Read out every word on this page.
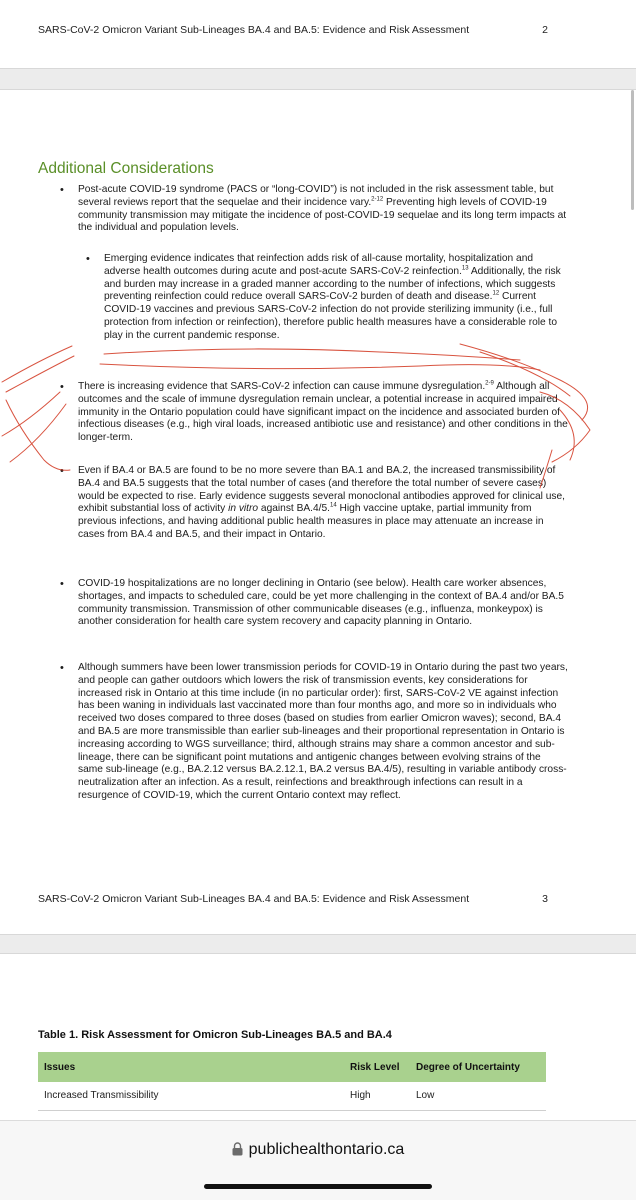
SARS-CoV-2 Omicron Variant Sub-Lineages BA.4 and BA.5: Evidence and Risk Assessment	2
Additional Considerations
• Post-acute COVID-19 syndrome (PACS or “long-COVID”) is not included in the risk assessment table, but several reviews report that the sequelae and their incidence vary.$^{2-12}$ Preventing high levels of COVID-19 community transmission may mitigate the incidence of post-COVID-19 sequelae and its long term impacts at the individual and population levels.
• Emerging evidence indicates that reinfection adds risk of all-cause mortality, hospitalization and adverse health outcomes during acute and post-acute SARS-CoV-2 reinfection.$^{13}$ Additionally, the risk and burden may increase in a graded manner according to the number of infections, which suggests preventing reinfection could reduce overall SARS-CoV-2 burden of death and disease.$^{12}$ Current COVID-19 vaccines and previous SARS-CoV-2 infection do not provide sterilizing immunity (i.e., full protection from infection or reinfection), therefore public health measures have a considerable role to play in the current pandemic response.
• There is increasing evidence that SARS-CoV-2 infection can cause immune dysregulation.$^{2-9}$ Although all outcomes and the scale of immune dysregulation remain unclear, a potential increase in acquired impaired immunity in the Ontario population could have significant impact on the incidence and associated burden of infectious diseases (e.g., high viral loads, increased antibiotic use and resistance) and other conditions in the longer-term.
• Even if BA.4 or BA.5 are found to be no more severe than BA.1 and BA.2, the increased transmissibility of BA.4 and BA.5 suggests that the total number of cases (and therefore the total number of severe cases) would be expected to rise. Early evidence suggests several monoclonal antibodies approved for clinical use, exhibit substantial loss of activity in vitro against BA.4/5.14 High vaccine uptake, partial immunity from previous infections, and having additional public health measures in place may attenuate an increase in cases from BA.4 and BA.5, and their impact in Ontario.
• COVID-19 hospitalizations are no longer declining in Ontario (see below). Health care worker absences, shortages, and impacts to scheduled care, could be yet more challenging in the context of BA.4 and/or BA.5 community transmission. Transmission of other communicable diseases (e.g., influenza, monkeypox) is another consideration for health care system recovery and capacity planning in Ontario.
• Although summers have been lower transmission periods for COVID-19 in Ontario during the past two years, and people can gather outdoors which lowers the risk of transmission events, key considerations for increased risk in Ontario at this time include (in no particular order): first, SARS-CoV-2 VE against infection has been waning in individuals last vaccinated more than four months ago, and more so in individuals who received two doses compared to three doses (based on studies from earlier Omicron waves); second, BA.4 and BA.5 are more transmissible than earlier sub-lineages and their proportional representation in Ontario is increasing according to WGS surveillance; third, although strains may share a common ancestor and sub-lineage, there can be significant point mutations and antigenic changes between evolving strains of the same sub-lineage (e.g., BA.2.12 versus BA.2.12.1, BA.2 versus BA.4/5), resulting in variable antibody cross-neutralization after an infection. As a result, reinfections and breakthrough infections can result in a resurgence of COVID-19, which the current Ontario context may reflect.
SARS-CoV-2 Omicron Variant Sub-Lineages BA.4 and BA.5: Evidence and Risk Assessment	3
Table 1. Risk Assessment for Omicron Sub-Lineages BA.5 and BA.4
Issues	Risk Level	Degree of Uncertainty
Increased Transmissibility	High	Low
publichealthontario.ca
